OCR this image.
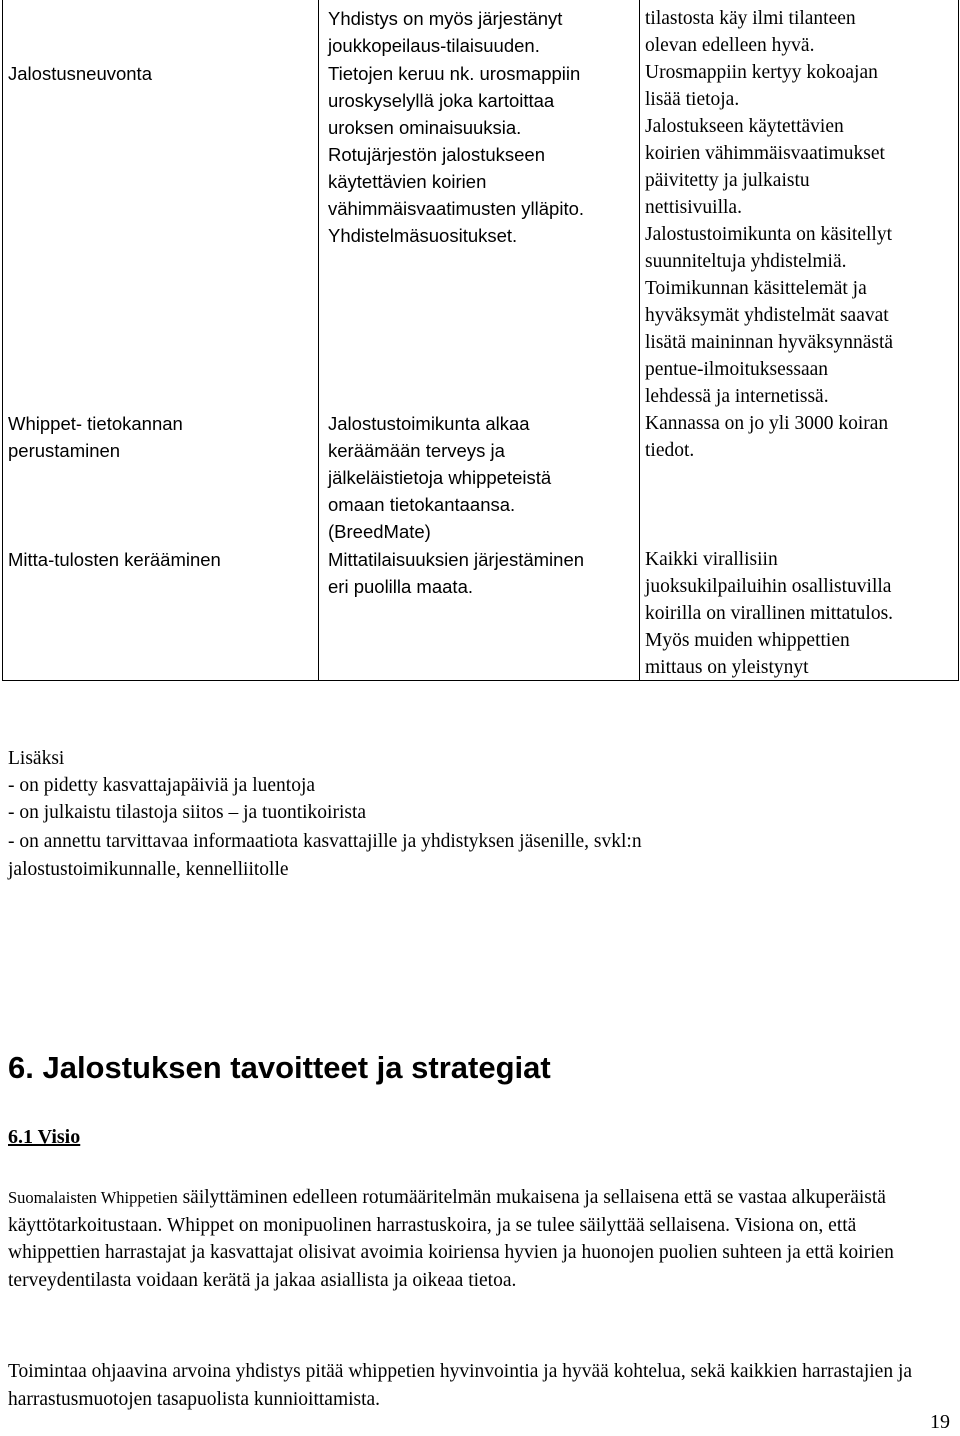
Yhdistys on myös järjestänyt
joukkopeilaus-tilaisuuden.
Jalostusneuvonta	Tietojen keruu nk. urosmappiin
uroskyselyllä joka kartoittaa
uroksen ominaisuuksia.
Rotujärjestön jalostukseen
käytettävien koirien
vähimmäisvaatimusten ylläpito.
Yhdistelmäsuositukset.
tilastosta käy ilmi tilanteen
olevan edelleen hyvä.
Urosmappiin kertyy kokoajan
lisää tietoja.
Jalostukseen käytettävien
koirien vähimmäisvaatimukset
päivitetty ja julkaistu
nettisivuilla.
Jalostustoimikunta on käsitellyt
suunniteltuja yhdistelmiä.
Toimikunnan käsittelemät ja
hyväksymät yhdistelmät saavat
lisätä maininnan hyväksynnästä
pentue-ilmoituksessaan
lehdessä ja internetissä.
Whippet- tietokannan
perustaminen
Jalostustoimikunta alkaa
keräämään terveys ja
jälkeläistietoja whippeteistä
omaan tietokantaansa.
(BreedMate)
Kannassa on jo yli 3000 koiran
tiedot.
Mitta-tulosten kerääminen	Mittatilaisuuksien järjestäminen
eri puolilla maata.
Kaikki virallisiin
juoksukilpailuihin osallistuvilla
koirilla on virallinen mittatulos.
Myös muiden whippettien
mittaus on yleistynyt
Lisäksi
- on pidetty kasvattajapäiviä ja luentoja
- on julkaistu tilastoja siitos – ja tuontikoirista
- on annettu tarvittavaa informaatiota kasvattajille ja yhdistyksen jäsenille, svkl:n
jalostustoimikunnalle, kennelliitolle
6. Jalostuksen tavoitteet ja strategiat
6.1 Visio
Suomalaisten Whippetien säilyttäminen edelleen rotumääritelmän mukaisena ja sellaisena että se vastaa alkuperäistä käyttötarkoitustaan. Whippet on monipuolinen harrastuskoira, ja se tulee säilyttää sellaisena. Visiona on, että whippettien harrastajat ja kasvattajat olisivat avoimia koiriensa hyvien ja huonojen puolien suhteen ja että koirien terveydentilasta voidaan kerätä ja jakaa asiallista ja oikeaa tietoa.
Toimintaa ohjaavina arvoina yhdistys pitää whippetien hyvinvointia ja hyvää kohtelua, sekä kaikkien harrastajien ja harrastusmuotojen tasapuolista kunnioittamista.
19
